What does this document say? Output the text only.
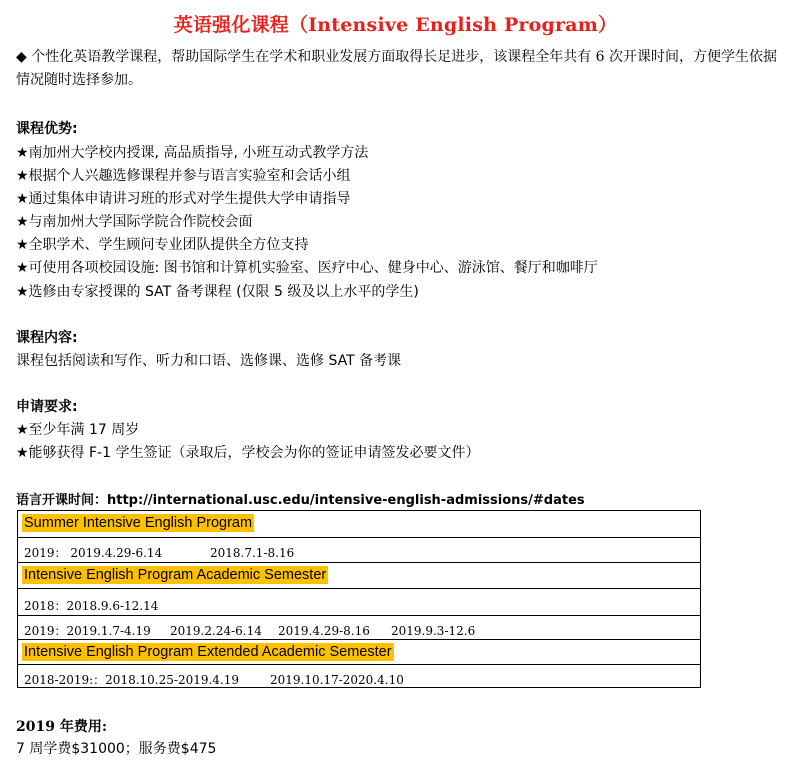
英语强化课程（Intensive English Program）
◆ 个性化英语教学课程，帮助国际学生在学术和职业发展方面取得长足进步，该课程全年共有 6 次开课时间，方便学生依据情况随时选择参加。
课程优势:
★南加州大学校内授课, 高品质指导, 小班互动式教学方法
★根据个人兴趣选修课程并参与语言实验室和会话小组
★通过集体申请讲习班的形式对学生提供大学申请指导
★与南加州大学国际学院合作院校会面
★全职学术、学生顾问专业团队提供全方位支持
★可使用各项校园设施: 图书馆和计算机实验室、医疗中心、健身中心、游泳馆、餐厅和咖啡厅
★选修由专家授课的 SAT 备考课程 (仅限 5 级及以上水平的学生)
课程内容:
课程包括阅读和写作、听力和口语、选修课、选修 SAT 备考课
申请要求:
★至少年满 17 周岁
★能够获得 F-1 学生签证（录取后，学校会为你的签证申请签发必要文件）
语言开课时间：http://international.usc.edu/intensive-english-admissions/#dates
Summer Intensive English Program
2019： 2019.4.29-6.14	2018.7.1-8.16
Intensive English Program Academic Semester
2018：2018.9.6-12.14
2019：2019.1.7-4.19 2019.2.24-6.14 2019.4.29-8.16 2019.9.3-12.6
Intensive English Program Extended Academic Semester
2018-2019:：2018.10.25-2019.4.19	2019.10.17-2020.4.10
2019 年费用:
7 周学费$31000；服务费$475
